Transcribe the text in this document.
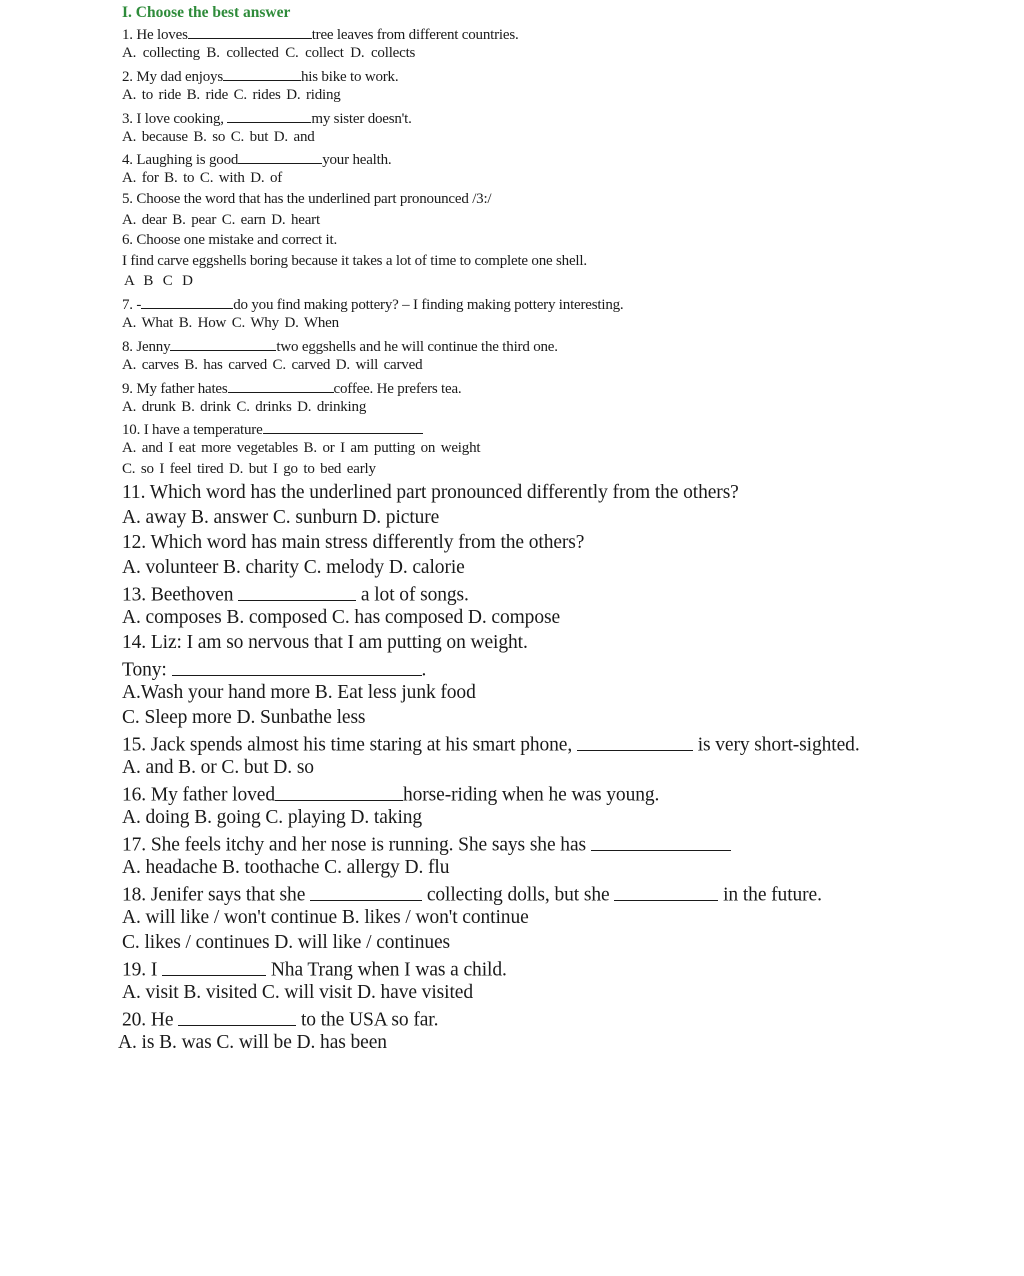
I. Choose the best answer
1. He loves	tree leaves from different countries.
A. collecting B. collected C. collect D. collects
2. My dad enjoys	his bike to work.
A. to ride B. ride C. rides D. riding
3. I love cooking,	my sister doesn't.
A. because B. so C. but D. and
4. Laughing is good	your health.
A. for B. to C. with D. of
5. Choose the word that has the underlined part pronounced /3:/
A. dear B. pear C. earn D. heart
6. Choose one mistake and correct it.
I find carve eggshells boring because it takes a lot of time to complete one shell.
A B C D
7. -	do you find making pottery? – I finding making pottery interesting.
A. What B. How C. Why D. When
8. Jenny	two eggshells and he will continue the third one.
A. carves B. has carved C. carved D. will carved
9. My father hates	coffee. He prefers tea.
A. drunk B. drink C. drinks D. drinking
10. I have a temperature
A. and I eat more vegetables B. or I am putting on weight
C. so I feel tired D. but I go to bed early
11. Which word has the underlined part pronounced differently from the others?
A. away B. answer C. sunburn D. picture
12. Which word has main stress differently from the others?
A. volunteer B. charity C. melody D. calorie
13. Beethoven	a lot of songs.
A. composes B. composed C. has composed D. compose
14. Liz: I am so nervous that I am putting on weight.
Tony:	.
A.Wash your hand more B. Eat less junk food
C. Sleep more D. Sunbathe less
15. Jack spends almost his time staring at his smart phone,	is very short-sighted.
A. and B. or C. but D. so
16. My father loved	horse-riding when he was young.
A. doing B. going C. playing D. taking
17. She feels itchy and her nose is running. She says she has
A. headache B. toothache C. allergy D. flu
18. Jenifer says that she	collecting dolls, but she	in the future.
A. will like / won't continue B. likes / won't continue
C. likes / continues D. will like / continues
19. I	Nha Trang when I was a child.
A. visit B. visited C. will visit D. have visited
20. He	to the USA so far.
A. is B. was C. will be D. has been
